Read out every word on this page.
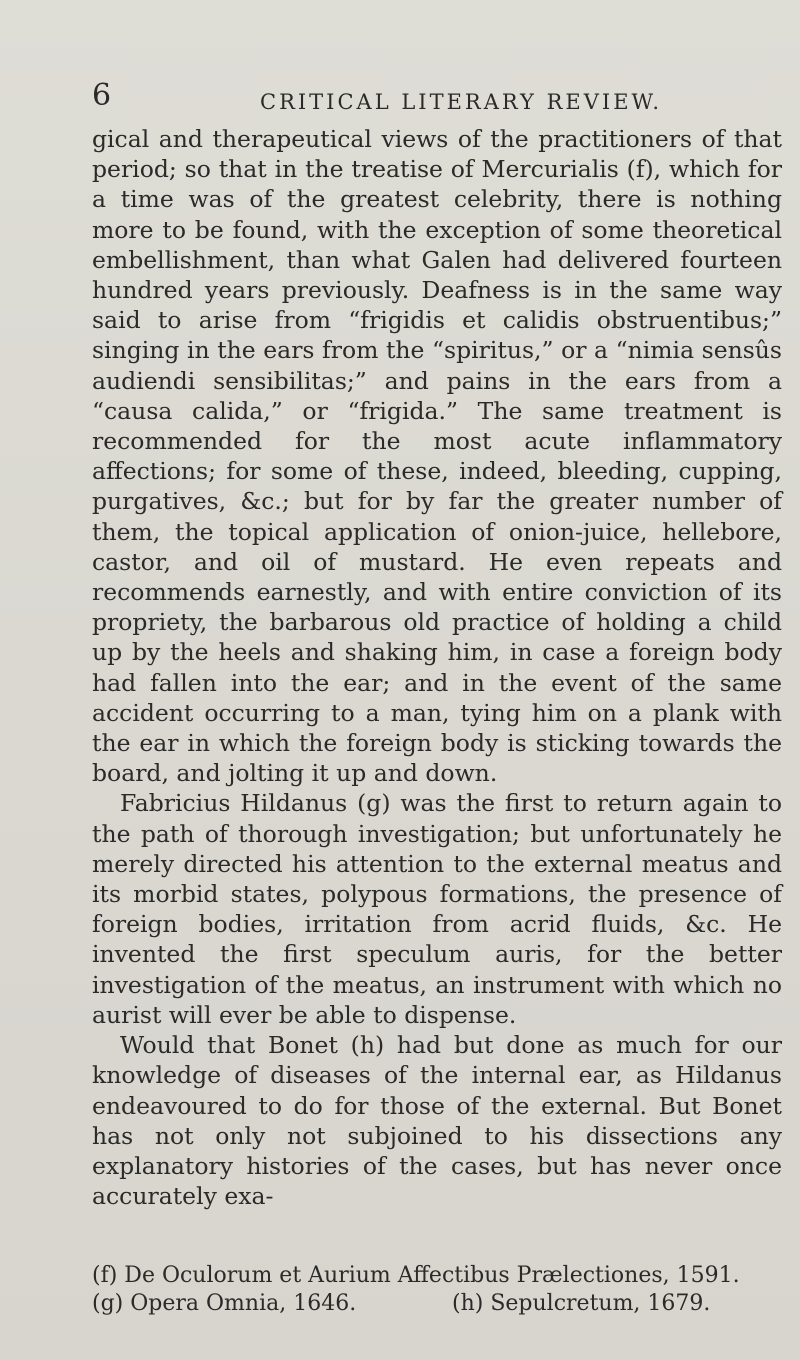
6	CRITICAL LITERARY REVIEW.

gical and therapeutical views of the practitioners of that period; so that in the treatise of Mercurialis (f), which for a time was of the greatest celebrity, there is nothing more to be found, with the exception of some theoretical embellishment, than what Galen had delivered fourteen hundred years previously. Deafness is in the same way said to arise from “frigidis et calidis obstruentibus;” singing in the ears from the “spiritus,” or a “nimia sensûs audiendi sensibilitas;” and pains in the ears from a “causa calida,” or “frigida.” The same treatment is recommended for the most acute inflammatory affections; for some of these, indeed, bleeding, cupping, purgatives, &c.; but for by far the greater number of them, the topical application of onion-juice, hellebore, castor, and oil of mustard. He even repeats and recommends earnestly, and with entire conviction of its propriety, the barbarous old practice of holding a child up by the heels and shaking him, in case a foreign body had fallen into the ear; and in the event of the same accident occurring to a man, tying him on a plank with the ear in which the foreign body is sticking towards the board, and jolting it up and down.

Fabricius Hildanus (g) was the first to return again to the path of thorough investigation; but unfortunately he merely directed his attention to the external meatus and its morbid states, polypous formations, the presence of foreign bodies, irritation from acrid fluids, &c. He invented the first speculum auris, for the better investigation of the meatus, an instrument with which no aurist will ever be able to dispense.

Would that Bonet (h) had but done as much for our knowledge of diseases of the internal ear, as Hildanus endeavoured to do for those of the external. But Bonet has not only not subjoined to his dissections any explanatory histories of the cases, but has never once accurately exa-

(f) De Oculorum et Aurium Affectibus Prælectiones, 1591.
(g) Opera Omnia, 1646.	(h) Sepulcretum, 1679.
